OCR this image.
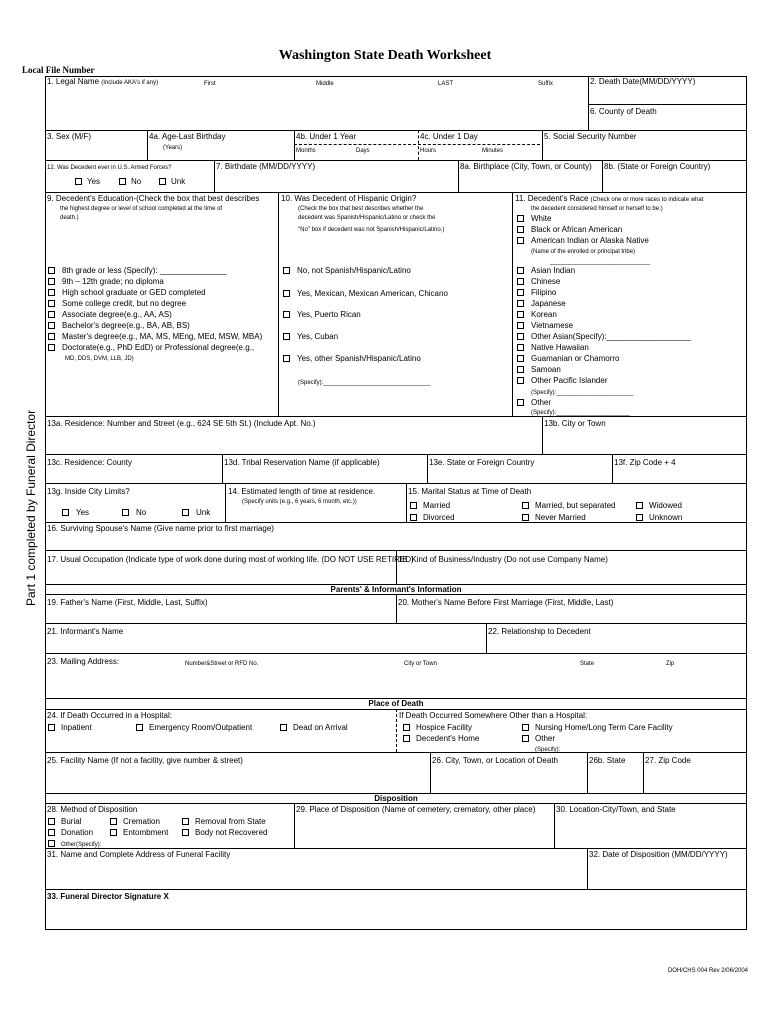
Washington State Death Worksheet
Local File Number
Part 1 completed by Funeral Director
1. Legal Name (Include AKA's if any)	First	Middle	LAST	Suffix	2. Death Date(MM/DD/YYYY)
6. County of Death
3. Sex (M/F)	4a. Age-Last Birthday
(Years)
4b. Under 1 Year
Months	Days
4c. Under 1 Day
Hours	Minutes
5. Social Security Number
12. Was Decedent ever in U.S. Armed Forces?
Yes	No	Unk
7. Birthdate (MM/DD/YYYY)	8a. Birthplace (City, Town, or County) 8b. (State or Foreign Country)
9. Decedent's Education-(Check the box that best describes
the highest degree or level of school completed at the time of
death.)
8th grade or less (Specify): _______________
9th – 12th grade; no diploma
High school graduate or GED completed
Some college credit, but no degree
Associate degree(e.g., AA, AS)
Bachelor's degree(e.g., BA, AB, BS)
Master's degree(e.g., MA, MS, MEng, MEd, MSW, MBA)
Doctorate(e.g., PhD EdD) or Professional degree(e.g.,
MD, DDS, DVM, LLB, JD)
10. Was Decedent of Hispanic Origin?
(Check the box that best describes whether the
decedent was Spanish/Hispanic/Latino or check the
"No" box if decedent was not Spanish/Hispanic/Latino.)
No, not Spanish/Hispanic/Latino
Yes, Mexican, Mexican American, Chicano
Yes, Puerto Rican
Yes, Cuban
Yes, other Spanish/Hispanic/Latino
(Specify):________________________________
11. Decedent's Race (Check one or more races to indicate what
the decedent considered himself or herself to be.)
White
Black or African American
American Indian or Alaska Native
(Name of the enrolled or principal tribe)
______________________________
Asian Indian
Chinese
Filipino
Japanese
Korean
Vietnamese
Other Asian(Specify):___________________
Native Hawaiian
Guamanian or Chamorro
Samoan
Other Pacific Islander
(Specify):_______________________
Other
(Specify):______________________
13a. Residence: Number and Street (e.g., 624 SE 5th St.) (Include Apt. No.)	13b. City or Town
13c. Residence: County	13d. Tribal Reservation Name (if applicable)	13e. State or Foreign Country	13f. Zip Code + 4
13g. Inside City Limits?
Yes	No	Unk
14. Estimated length of time at residence.
(Specify units (e.g., 6 years, 6 month, etc.))
15. Marital Status at Time of Death
Married	Married, but separated	Widowed
Divorced	Never Married	Unknown
16. Surviving Spouse's Name (Give name prior to first marriage)
17. Usual Occupation (Indicate type of work done during most of working life. (DO NOT USE RETIRED)
18. Kind of Business/Industry (Do not use Company Name)
Parents' & Informant's Information
19. Father's Name (First, Middle, Last, Suffix)	20. Mother's Name Before First Marriage (First, Middle, Last)
21. Informant's Name	22. Relationship to Decedent
23. Mailing Address:	Number&Street or RFD No.	City or Town	State	Zip
Place of Death
24. If Death Occurred in a Hospital:
Inpatient	Emergency Room/Outpatient	Dead on Arrival
If Death Occurred Somewhere Other than a Hospital:
Hospice Facility	Nursing Home/Long Term Care Facility
Decedent's Home	Other
(Specify):_________________________
25. Facility Name (If not a facility, give number & street)	26. City, Town, or Location of Death	26b. State 27. Zip Code
Disposition
28. Method of Disposition
Burial	Cremation	Removal from State
Donation	Entombment	Body not Recovered
Other(Specify):
29. Place of Disposition (Name of cemetery, crematory, other place)	30. Location-City/Town, and State
31. Name and Complete Address of Funeral Facility	32. Date of Disposition (MM/DD/YYYY)
33. Funeral Director Signature X
DOH/CHS 004 Rev 2/06/2004
